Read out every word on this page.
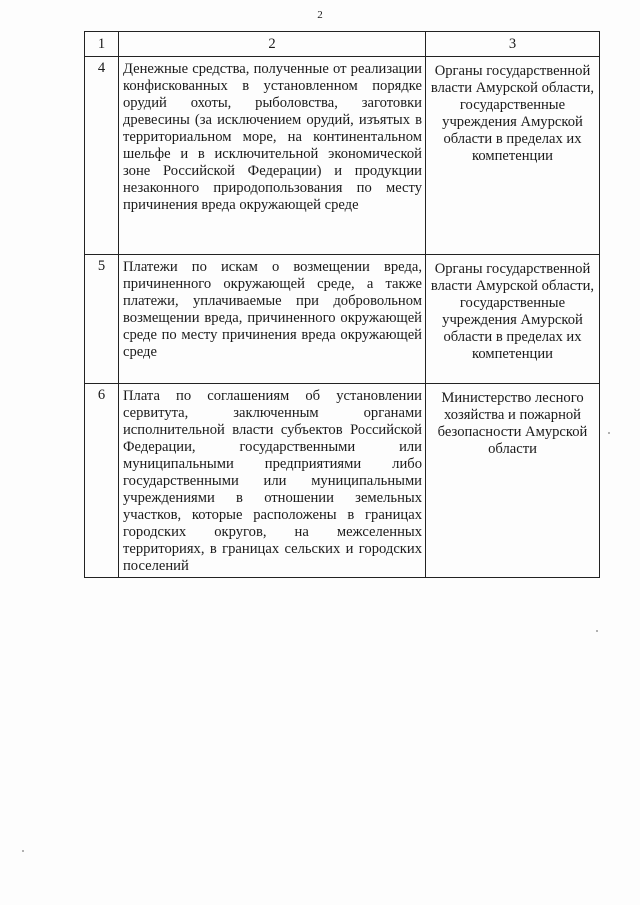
2
1	2	3
4	Денежные средства, полученные от реализации конфискованных в установленном порядке орудий охоты, рыболовства, заготовки древесины (за исключением орудий, изъятых в территориальном море, на континентальном шельфе и в исключительной экономической зоне Российской Федерации) и продукции незаконного природопользования по месту причинения вреда окружающей среде	Органы государственной власти Амурской области, государственные учреждения Амурской области в пределах их компетенции
5	Платежи по искам о возмещении вреда, причиненного окружающей среде, а также платежи, уплачиваемые при добровольном возмещении вреда, причиненного окружающей среде по месту причинения вреда окружающей среде	Органы государственной власти Амурской области, государственные учреждения Амурской области в пределах их компетенции
6	Плата по соглашениям об установлении сервитута, заключенным органами исполнительной власти субъектов Российской Федерации, государственными или муниципальными предприятиями либо государственными или муниципальными учреждениями в отношении земельных участков, которые расположены в границах городских округов, на межселенных территориях, в границах сельских и городских поселений	Министерство лесного хозяйства и пожарной безопасности Амурской области
